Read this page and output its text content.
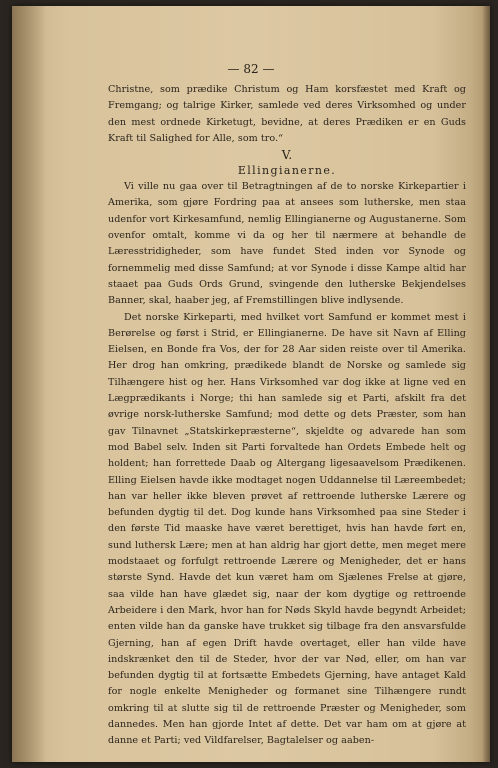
— 82 —

Christne, som prædike Christum og Ham korsfæstet med Kraft og Fremgang; og talrige Kirker, samlede ved deres Virksomhed og under den mest ordnede Kirketugt, bevidne, at deres Prædiken er en Guds Kraft til Salighed for Alle, som tro.“

V.

Ellingianerne.

Vi ville nu gaa over til Betragtningen af de to norske Kirkepartier i Amerika, som gjøre Fordring paa at ansees som lutherske, men staa udenfor vort Kirkesamfund, nemlig Ellingianerne og Augustanerne. Som ovenfor omtalt, komme vi da og her til nærmere at behandle de Læresstridigheder, som have fundet Sted inden vor Synode og fornemmelig med disse Samfund; at vor Synode i disse Kampe altid har staaet paa Guds Ords Grund, svingende den lutherske Bekjendelses Banner, skal, haaber jeg, af Fremstillingen blive indlysende.

Det norske Kirkeparti, med hvilket vort Samfund er kommet mest i Berørelse og først i Strid, er Ellingianerne. De have sit Navn af Elling Eielsen, en Bonde fra Vos, der for 28 Aar siden reiste over til Amerika. Her drog han omkring, prædikede blandt de Norske og samlede sig Tilhængere hist og her. Hans Virksomhed var dog ikke at ligne ved en Lægprædikants i Norge; thi han samlede sig et Parti, afskilt fra det øvrige norsk-lutherske Samfund; mod dette og dets Præster, som han gav Tilnavnet „Statskirkepræsterne“, skjeldte og advarede han som mod Babel selv. Inden sit Parti forvaltede han Ordets Embede helt og holdent; han forrettede Daab og Altergang ligesaavelsom Prædikenen. Elling Eielsen havde ikke modtaget nogen Uddannelse til Læreembedet; han var heller ikke bleven prøvet af rettroende lutherske Lærere og befunden dygtig til det. Dog kunde hans Virksomhed paa sine Steder i den første Tid maaske have været berettiget, hvis han havde ført en, sund luthersk Lære; men at han aldrig har gjort dette, men meget mere modstaaet og forfulgt rettroende Lærere og Menigheder, det er hans største Synd. Havde det kun været ham om Sjælenes Frelse at gjøre, saa vilde han have glædet sig, naar der kom dygtige og rettroende Arbeidere i den Mark, hvor han for Nøds Skyld havde begyndt Arbeidet; enten vilde han da ganske have trukket sig tilbage fra den ansvarsfulde Gjerning, han af egen Drift havde overtaget, eller han vilde have indskrænket den til de Steder, hvor der var Nød, eller, om han var befunden dygtig til at fortsætte Embedets Gjerning, have antaget Kald for nogle enkelte Menigheder og formanet sine Tilhængere rundt omkring til at slutte sig til de rettroende Præster og Menigheder, som dannedes. Men han gjorde Intet af dette. Det var ham om at gjøre at danne et Parti; ved Vildfarelser, Bagtalelser og aaben-
